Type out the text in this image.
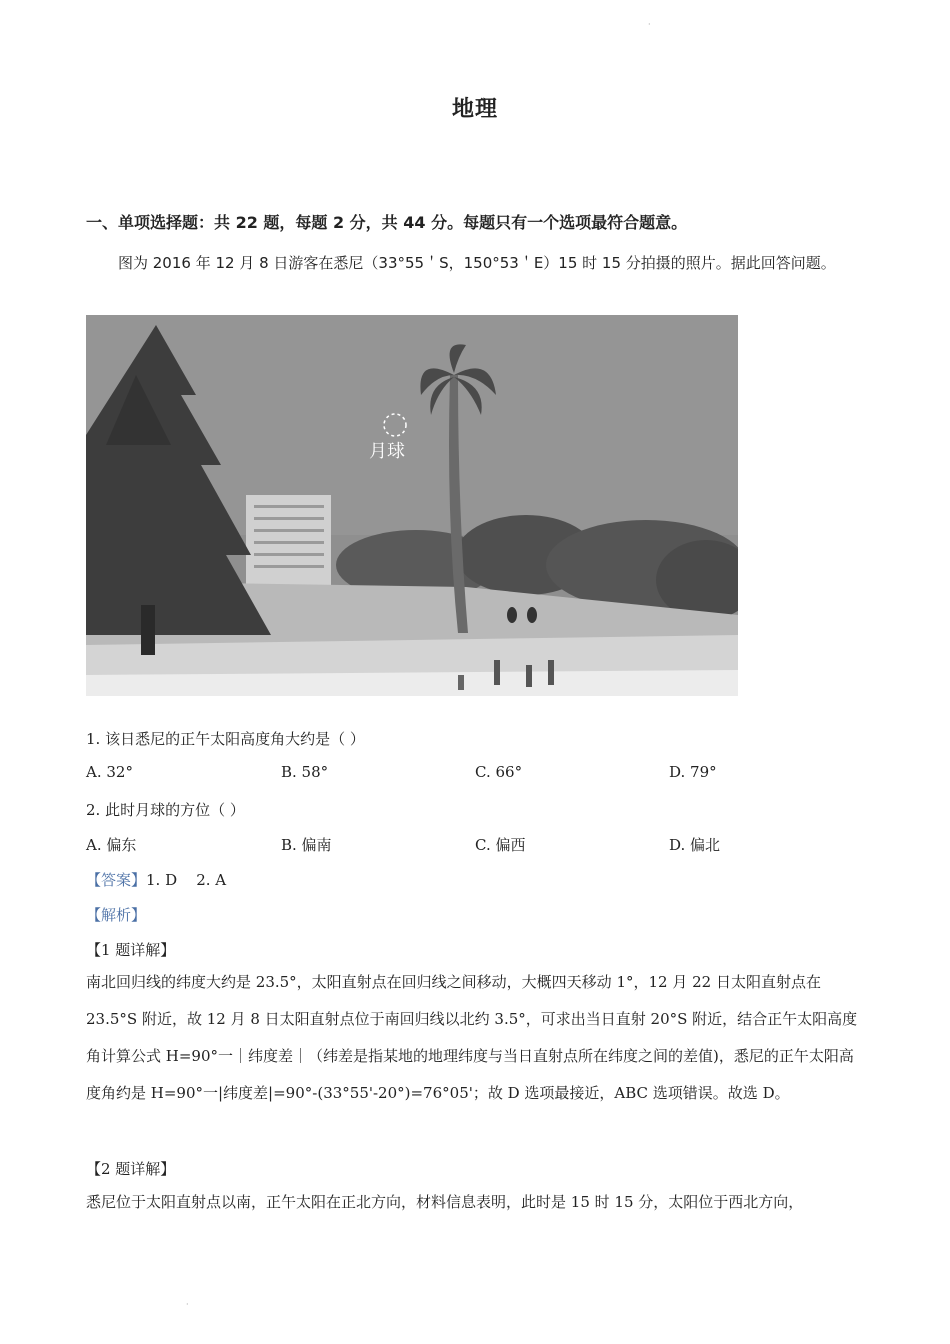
·
地理
一、单项选择题：共 22 题，每题 2 分，共 44 分。每题只有一个选项最符合题意。
图为 2016 年 12 月 8 日游客在悉尼（33°55＇S，150°53＇E）15 时 15 分拍摄的照片。据此回答问题。
月球
1. 该日悉尼的正午太阳高度角大约是（ ）
A. 32°	B. 58°	C. 66°	D. 79°
2. 此时月球的方位（ ）
A. 偏东	B. 偏南	C. 偏西	D. 偏北
【答案】1. D    2. A
【解析】
【1 题详解】
南北回归线的纬度大约是 23.5°，太阳直射点在回归线之间移动，大概四天移动 1°，12 月 22 日太阳直射点在 23.5°S 附近，故 12 月 8 日太阳直射点位于南回归线以北约 3.5°，可求出当日直射 20°S 附近，结合正午太阳高度角计算公式 H=90°一｜纬度差｜（纬差是指某地的地理纬度与当日直射点所在纬度之间的差值)，悉尼的正午太阳高度角约是 H=90°一|纬度差|=90°-(33°55'-20°)=76°05'；故 D 选项最接近，ABC 选项错误。故选 D。
【2 题详解】
悉尼位于太阳直射点以南，正午太阳在正北方向，材料信息表明，此时是 15 时 15 分，太阳位于西北方向，
·
